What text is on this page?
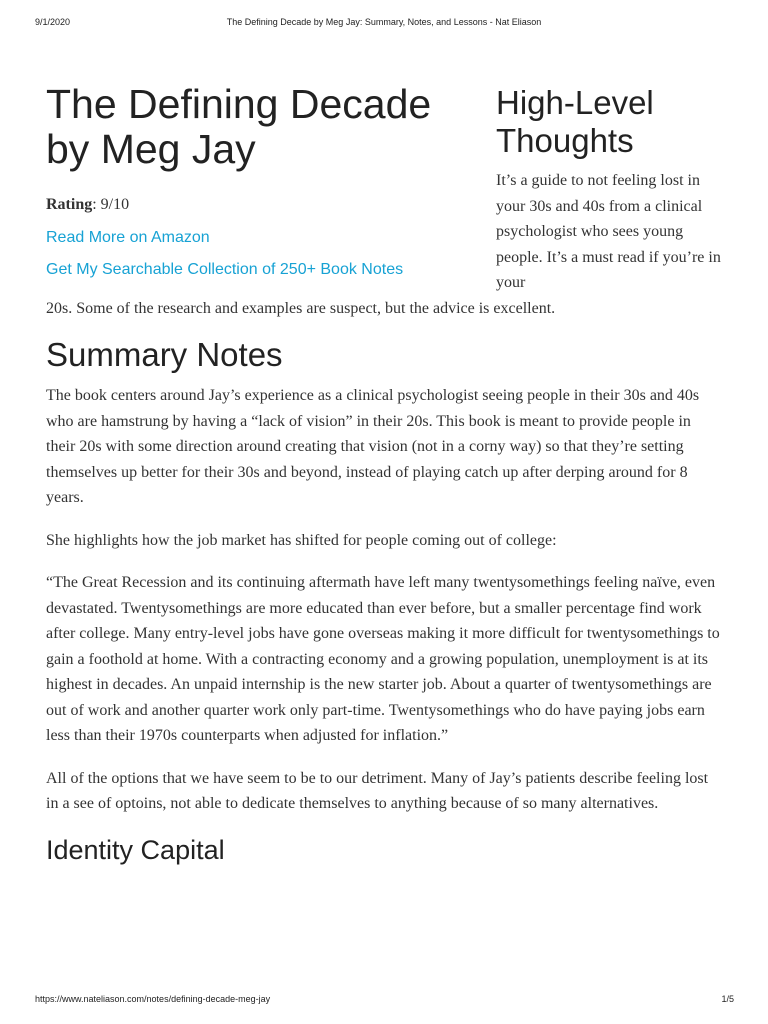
9/1/2020	The Defining Decade by Meg Jay: Summary, Notes, and Lessons - Nat Eliason
High-Level Thoughts

It’s a guide to not feeling lost in your 30s and 40s from a clinical psychologist who sees young people. It’s a must read if you’re in your

The Defining Decade by Meg Jay

Rating: 9/10

Read More on Amazon
Get My Searchable Collection of 250+ Book Notes

20s. Some of the research and examples are suspect, but the advice is excellent.

Summary Notes

The book centers around Jay’s experience as a clinical psychologist seeing people in their 30s and 40s who are hamstrung by having a “lack of vision” in their 20s. This book is meant to provide people in their 20s with some direction around creating that vision (not in a corny way) so that they’re setting themselves up better for their 30s and beyond, instead of playing catch up after derping around for 8 years.

She highlights how the job market has shifted for people coming out of college:

“The Great Recession and its continuing aftermath have left many twentysomethings feeling naïve, even devastated. Twentysomethings are more educated than ever before, but a smaller percentage find work after college. Many entry-level jobs have gone overseas making it more difficult for twentysomethings to gain a foothold at home. With a contracting economy and a growing population, unemployment is at its highest in decades. An unpaid internship is the new starter job. About a quarter of twentysomethings are out of work and another quarter work only part-time. Twentysomethings who do have paying jobs earn less than their 1970s counterparts when adjusted for inflation.”

All of the options that we have seem to be to our detriment. Many of Jay’s patients describe feeling lost in a see of optoins, not able to dedicate themselves to anything because of so many alternatives.

Identity Capital
https://www.nateliason.com/notes/defining-decade-meg-jay	1/5
